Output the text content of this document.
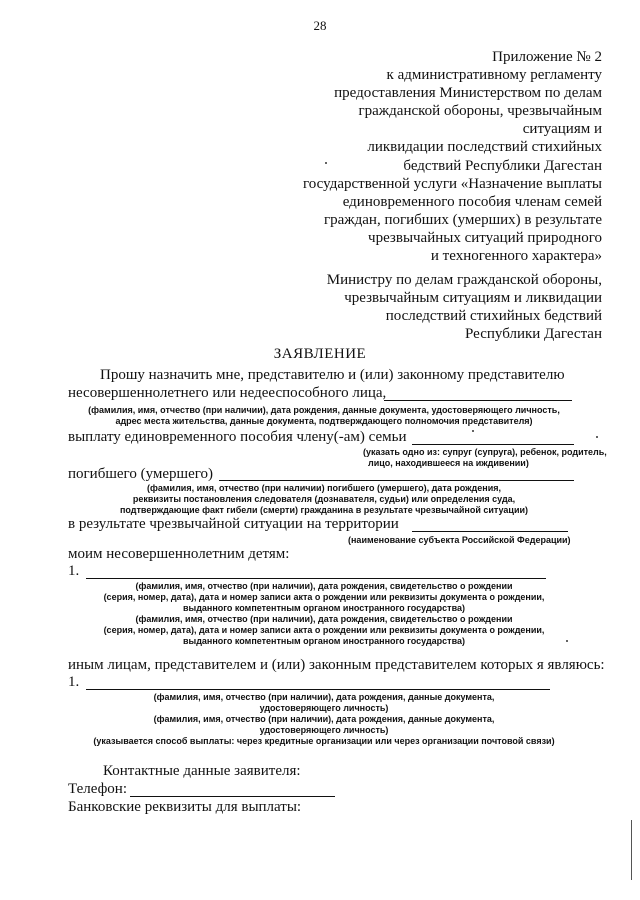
28
Приложение № 2
к административному регламенту
предоставления Министерством по делам
гражданской обороны, чрезвычайным
ситуациям и
ликвидации последствий стихийных
бедствий Республики Дагестан
государственной услуги «Назначение выплаты
единовременного пособия членам семей
граждан, погибших (умерших) в результате
чрезвычайных ситуаций природного
и техногенного характера»
Министру по делам гражданской обороны,
чрезвычайным ситуациям и ликвидации
последствий стихийных бедствий
Республики Дагестан
ЗАЯВЛЕНИЕ
Прошу назначить мне, представителю и (или) законному представителю
несовершеннолетнего или недееспособного лица,
(фамилия, имя, отчество (при наличии), дата рождения, данные документа, удостоверяющего личность,
адрес места жительства, данные документа, подтверждающего полномочия представителя)
выплату единовременного пособия члену(-ам) семьи
(указать одно из: супруг (супруга), ребенок, родитель,
лицо, находившееся на иждивении)
погибшего (умершего)
(фамилия, имя, отчество (при наличии) погибшего (умершего), дата рождения,
реквизиты постановления следователя (дознавателя, судьи) или определения суда,
подтверждающие факт гибели (смерти) гражданина в результате чрезвычайной ситуации)
в результате чрезвычайной ситуации на территории
(наименование субъекта Российской Федерации)
моим несовершеннолетним детям:
1.
(фамилия, имя, отчество (при наличии), дата рождения, свидетельство о рождении
(серия, номер, дата), дата и номер записи акта о рождении или реквизиты документа о рождении,
выданного компетентным органом иностранного государства)
(фамилия, имя, отчество (при наличии), дата рождения, свидетельство о рождении
(серия, номер, дата), дата и номер записи акта о рождении или реквизиты документа о рождении,
выданного компетентным органом иностранного государства)
иным лицам, представителем и (или) законным представителем которых я являюсь:
1.
(фамилия, имя, отчество (при наличии), дата рождения, данные документа,
удостоверяющего личность)
(фамилия, имя, отчество (при наличии), дата рождения, данные документа,
удостоверяющего личность)
(указывается способ выплаты: через кредитные организации или через организации почтовой связи)
Контактные данные заявителя:
Телефон:
Банковские реквизиты для выплаты:
